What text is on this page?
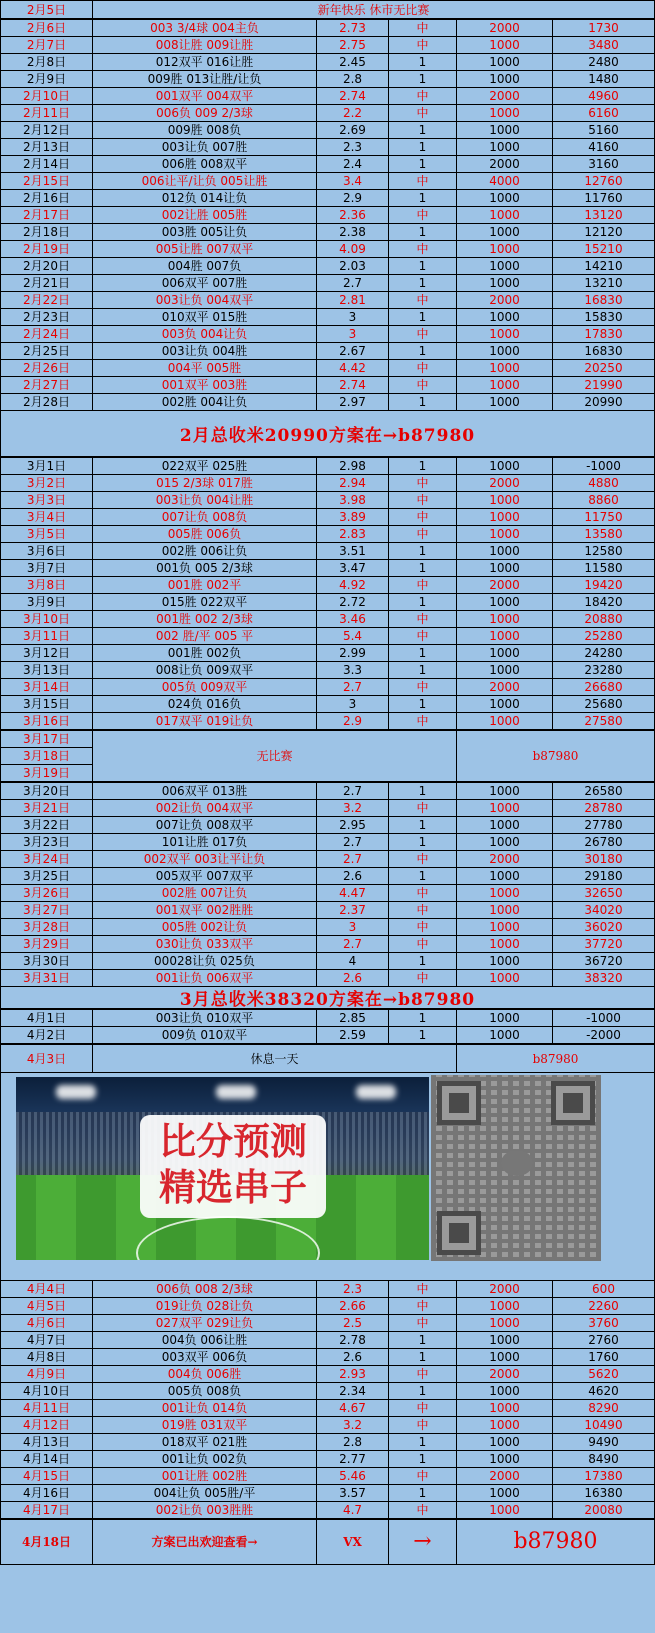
2月5日	新年快乐 休市无比赛
2月6日	003 3/4球 004主负	2.73	中	2000	1730
2月7日	008让胜 009让胜	2.75	中	1000	3480
2月8日	012双平 016让胜	2.45	1	1000	2480
2月9日	009胜 013让胜/让负	2.8	1	1000	1480
2月10日	001双平 004双平	2.74	中	2000	4960
2月11日	006负 009 2/3球	2.2	中	1000	6160
2月12日	009胜 008负	2.69	1	1000	5160
2月13日	003让负 007胜	2.3	1	1000	4160
2月14日	006胜 008双平	2.4	1	2000	3160
2月15日	006让平/让负 005让胜	3.4	中	4000	12760
2月16日	012负 014让负	2.9	1	1000	11760
2月17日	002让胜 005胜	2.36	中	1000	13120
2月18日	003胜 005让负	2.38	1	1000	12120
2月19日	005让胜 007双平	4.09	中	1000	15210
2月20日	004胜 007负	2.03	1	1000	14210
2月21日	006双平 007胜	2.7	1	1000	13210
2月22日	003让负 004双平	2.81	中	2000	16830
2月23日	010双平 015胜	3	1	1000	15830
2月24日	003负 004让负	3	中	1000	17830
2月25日	003让负 004胜	2.67	1	1000	16830
2月26日	004平 005胜	4.42	中	1000	20250
2月27日	001双平 003胜	2.74	中	1000	21990
2月28日	002胜 004让负	2.97	1	1000	20990
2月总收米20990方案在→b87980
3月1日	022双平 025胜	2.98	1	1000	-1000
3月2日	015 2/3球 017胜	2.94	中	2000	4880
3月3日	003让负 004让胜	3.98	中	1000	8860
3月4日	007让负 008负	3.89	中	1000	11750
3月5日	005胜 006负	2.83	中	1000	13580
3月6日	002胜 006让负	3.51	1	1000	12580
3月7日	001负 005 2/3球	3.47	1	1000	11580
3月8日	001胜 002平	4.92	中	2000	19420
3月9日	015胜 022双平	2.72	1	1000	18420
3月10日	001胜 002 2/3球	3.46	中	1000	20880
3月11日	002 胜/平 005 平	5.4	中	1000	25280
3月12日	001胜 002负	2.99	1	1000	24280
3月13日	008让负 009双平	3.3	1	1000	23280
3月14日	005负 009双平	2.7	中	2000	26680
3月15日	024负 016负	3	1	1000	25680
3月16日	017双平 019让负	2.9	中	1000	27580
3月17日	无比赛	b87980
3月18日
3月19日
3月20日	006双平 013胜	2.7	1	1000	26580
3月21日	002让负 004双平	3.2	中	1000	28780
3月22日	007让负 008双平	2.95	1	1000	27780
3月23日	101让胜 017负	2.7	1	1000	26780
3月24日	002双平 003让平让负	2.7	中	2000	30180
3月25日	005双平 007双平	2.6	1	1000	29180
3月26日	002胜 007让负	4.47	中	1000	32650
3月27日	001双平 002胜胜	2.37	中	1000	34020
3月28日	005胜 002让负	3	中	1000	36020
3月29日	030让负 033双平	2.7	中	1000	37720
3月30日	00028让负 025负	4	1	1000	36720
3月31日	001让负 006双平	2.6	中	1000	38320
3月总收米38320方案在→b87980
4月1日	003让负 010双平	2.85	1	1000	-1000
4月2日	009负 010双平	2.59	1	1000	-2000
4月3日	休息一天	b87980
比分预测
精选串子
4月4日	006负 008 2/3球	2.3	中	2000	600
4月5日	019让负 028让负	2.66	中	1000	2260
4月6日	027双平 029让负	2.5	中	1000	3760
4月7日	004负 006让胜	2.78	1	1000	2760
4月8日	003双平 006负	2.6	1	1000	1760
4月9日	004负 006胜	2.93	中	2000	5620
4月10日	005负 008负	2.34	1	1000	4620
4月11日	001让负 014负	4.67	中	1000	8290
4月12日	019胜 031双平	3.2	中	1000	10490
4月13日	018双平 021胜	2.8	1	1000	9490
4月14日	001让负 002负	2.77	1	1000	8490
4月15日	001让胜 002胜	5.46	中	2000	17380
4月16日	004让负 005胜/平	3.57	1	1000	16380
4月17日	002让负 003胜胜	4.7	中	1000	20080
4月18日	方案已出欢迎查看→	VX	→	b87980
